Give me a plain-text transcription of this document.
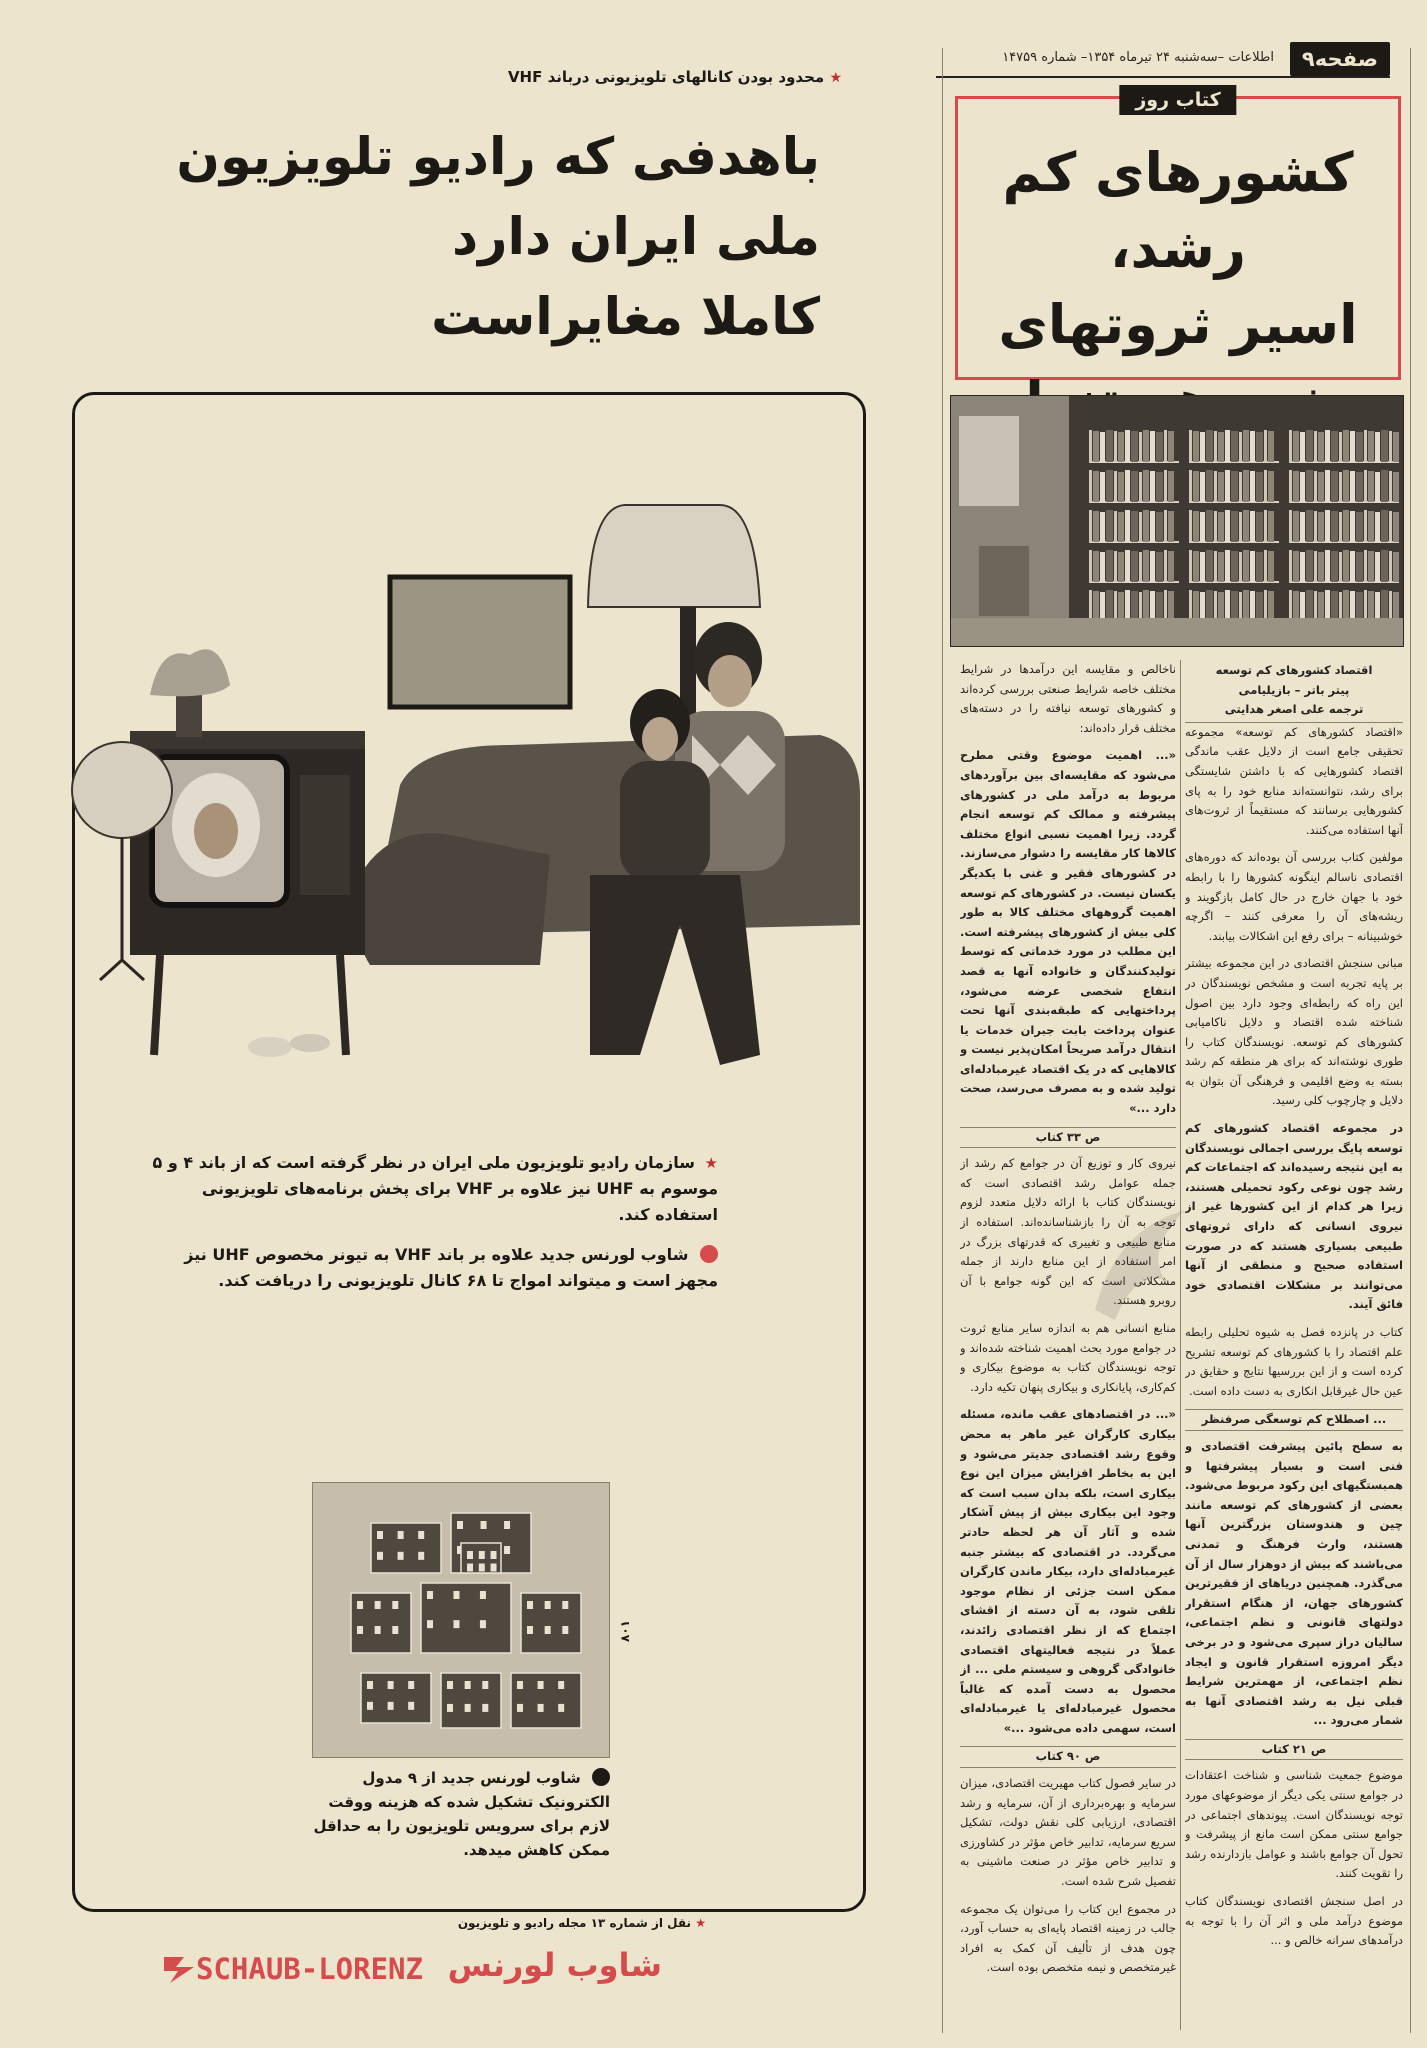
صفحه۹
اطلاعات –سه‌شنبه ۲۴ تیرماه ۱۳۵۴– شماره ۱۴۷۵۹
کتاب روز
کشورهای کم رشد،
اسیر ثروتهای
اقتصاد کشورهای کم توسعه
پیتر باتر – بازیلیامی
ترجمه علی اصغر هدایتی
«اقتصاد کشورهای کم توسعه» مجموعه تحقیقی جامع است از دلایل عقب ماندگی اقتصاد کشورهایی که با داشتن شایستگی برای رشد، نتوانسته‌اند منابع خود را به پای کشورهایی برسانند که مستقیماً از ثروت‌های آنها استفاده می‌کنند.
مولفین کتاب بررسی آن بوده‌اند که دوره‌های اقتصادی ناسالم اینگونه کشورها را با رابطه خود با جهان خارج در حال کامل بازگویند و ریشه‌های آن را معرفی کنند – اگرچه خوشبینانه – برای رفع این اشکالات بیابند.
مبانی سنجش اقتصادی در این مجموعه بیشتر بر پایه تجربه است و مشخص نویسندگان در این راه که رابطه‌ای وجود دارد بین اصول شناخته شده اقتصاد و دلایل ناکامیابی کشورهای کم توسعه. نویسندگان کتاب را طوری نوشته‌اند که برای هر منطقه کم رشد بسته به وضع اقلیمی و فرهنگی آن بتوان به دلایل و چارچوب کلی رسید.
در مجموعه اقتصاد کشورهای کم توسعه پایگ بررسی اجمالی نویسندگان به این نتیجه رسیده‌اند که اجتماعات کم رشد چون نوعی رکود تحمیلی هستند، زیرا هر کدام از این کشورها غیر از نیروی انسانی که دارای ثروتهای طبیعی بسیاری هستند که در صورت استفاده صحیح و منطقی از آنها می‌توانند بر مشکلات اقتصادی خود فائق آیند.
کتاب در پانزده فصل به شیوه تحلیلی رابطه علم اقتصاد را با کشورهای کم توسعه تشریح کرده است و از این بررسیها نتایج و حقایق در عین حال غیرقابل انکاری به دست داده است.
... اصطلاح کم توسعگی صرفنظر
به سطح پائین پیشرفت اقتصادی و فنی است و بسیار پیشرفتها و همبستگیهای این رکود مربوط می‌شود. بعضی از کشورهای کم توسعه مانند چین و هندوستان بزرگترین آنها هستند، وارث فرهنگ و تمدنی می‌باشند که بیش از دوهزار سال از آن می‌گذرد. همچنین دریاهای از فقیرترین کشورهای جهان، از هنگام استقرار دولتهای قانونی و نظم اجتماعی، سالیان دراز سپری می‌شود و در برخی دیگر امروزه استقرار قانون و ایجاد نظم اجتماعی، از مهمترین شرایط قبلی نیل به رشد اقتصادی آنها به شمار می‌رود ...
ص ۲۱ کتاب
موضوع جمعیت شناسی و شناخت اعتقادات در جوامع سنتی یکی دیگر از موضوعهای مورد توجه نویسندگان است. پیوندهای اجتماعی در جوامع سنتی ممکن است مانع از پیشرفت و تحول آن جوامع باشند و عوامل بازدارنده رشد را تقویت کنند.
در اصل سنجش اقتصادی نویسندگان کتاب موضوع درآمد ملی و اثر آن را با توجه به درآمدهای سرانه خالص و ...
ناخالص و مقایسه این درآمدها در شرایط مختلف خاصه شرایط صنعتی بررسی کرده‌اند و کشورهای توسعه نیافته را در دسته‌های مختلف قرار داده‌اند:
«... اهمیت موضوع وقتی مطرح می‌شود که مقایسه‌ای بین برآوردهای مربوط به درآمد ملی در کشورهای پیشرفته و ممالک کم توسعه انجام گردد. زیرا اهمیت نسبی انواع مختلف کالاها کار مقایسه را دشوار می‌سازند. در کشورهای فقیر و غنی با یکدیگر یکسان نیست. در کشورهای کم توسعه اهمیت گروههای مختلف کالا به طور کلی بیش از کشورهای پیشرفته است. این مطلب در مورد خدماتی که توسط تولیدکنندگان و خانواده آنها به قصد انتفاع شخصی عرضه می‌شود، پرداختهایی که طبقه‌بندی آنها تحت عنوان پرداخت بابت جبران خدمات یا انتقال درآمد صریحاً امکان‌پذیر نیست و کالاهایی که در یک اقتصاد غیرمبادله‌ای تولید شده و به مصرف می‌رسد، صحت دارد ...»
ص ۳۳ کتاب
نیروی کار و توزیع آن در جوامع کم رشد از جمله عوامل رشد اقتصادی است که نویسندگان کتاب با ارائه دلایل متعدد لزوم توجه به آن را بازشناسانده‌اند. استفاده از منابع طبیعی و تغییری که قدرتهای بزرگ در امر استفاده از این منابع دارند از جمله مشکلاتی است که این گونه جوامع با آن روبرو هستند.
منابع انسانی هم به اندازه سایر منابع ثروت در جوامع مورد بحث اهمیت شناخته شده‌اند و توجه نویسندگان کتاب به موضوع بیکاری و کم‌کاری، پایانکاری و بیکاری پنهان تکیه دارد.
«... در اقتصادهای عقب مانده، مسئله بیکاری کارگران غیر ماهر به محض وقوع رشد اقتصادی جدیتر می‌شود و این به بخاطر افزایش میزان این نوع بیکاری است، بلکه بدان سبب است که وجود این بیکاری بیش از پیش آشکار شده و آثار آن هر لحظه حادتر می‌گردد. در اقتصادی که بیشتر جنبه غیرمبادله‌ای دارد، بیکار ماندن کارگران ممکن است جزئی از نظام موجود تلقی شود، به آن دسته از اقشای اجتماع که از نظر اقتصادی زائدند، عملاً در نتیجه فعالیتهای اقتصادی خانوادگی گروهی و سیستم ملی ... از محصول به دست آمده که غالباً محصول غیرمبادله‌ای یا غیرمبادله‌ای است، سهمی داده می‌شود ...»
ص ۹۰ کتاب
در سایر فصول کتاب مهیریت اقتصادی، میزان سرمایه و بهره‌برداری از آن، سرمایه و رشد اقتصادی، ارزیابی کلی نقش دولت، تشکیل سریع سرمایه، تدابیر خاص مؤثر در کشاورزی و تدابیر خاص مؤثر در صنعت ماشینی به تفصیل شرح شده است.
در مجموع این کتاب را می‌توان یک مجموعه جالب در زمینه اقتصاد پایه‌ای به حساب آورد، چون هدف از تألیف آن کمک به افراد غیرمتخصص و نیمه متخصص بوده است.
★ محدود بودن کانالهای تلویزیونی درباند VHF
باهدفی که رادیو تلویزیون ملی ایران دارد
کاملا مغایراست
★ سازمان رادیو تلویزیون ملی ایران در نظر گرفته است که از باند ۴ و ۵ موسوم به UHF نیز علاوه بر VHF برای پخش برنامه‌های تلویزیونی استفاده کند.
شاوب لورنس جدید علاوه بر باند VHF به تیونر مخصوص UHF نیز مجهز است و میتواند امواج تا ۶۸ کانال تلویزیونی را دریافت کند.
۸۰۱
شاوب لورنس جدید از ۹ مدول الکترونیک تشکیل شده که هزینه ووقت لازم برای سرویس تلویزیون را به حداقل ممکن کاهش میدهد.
★ نقل از شماره ۱۳ مجله رادیو و تلویزیون
شاوب لورنس
SCHAUB-LORENZ
